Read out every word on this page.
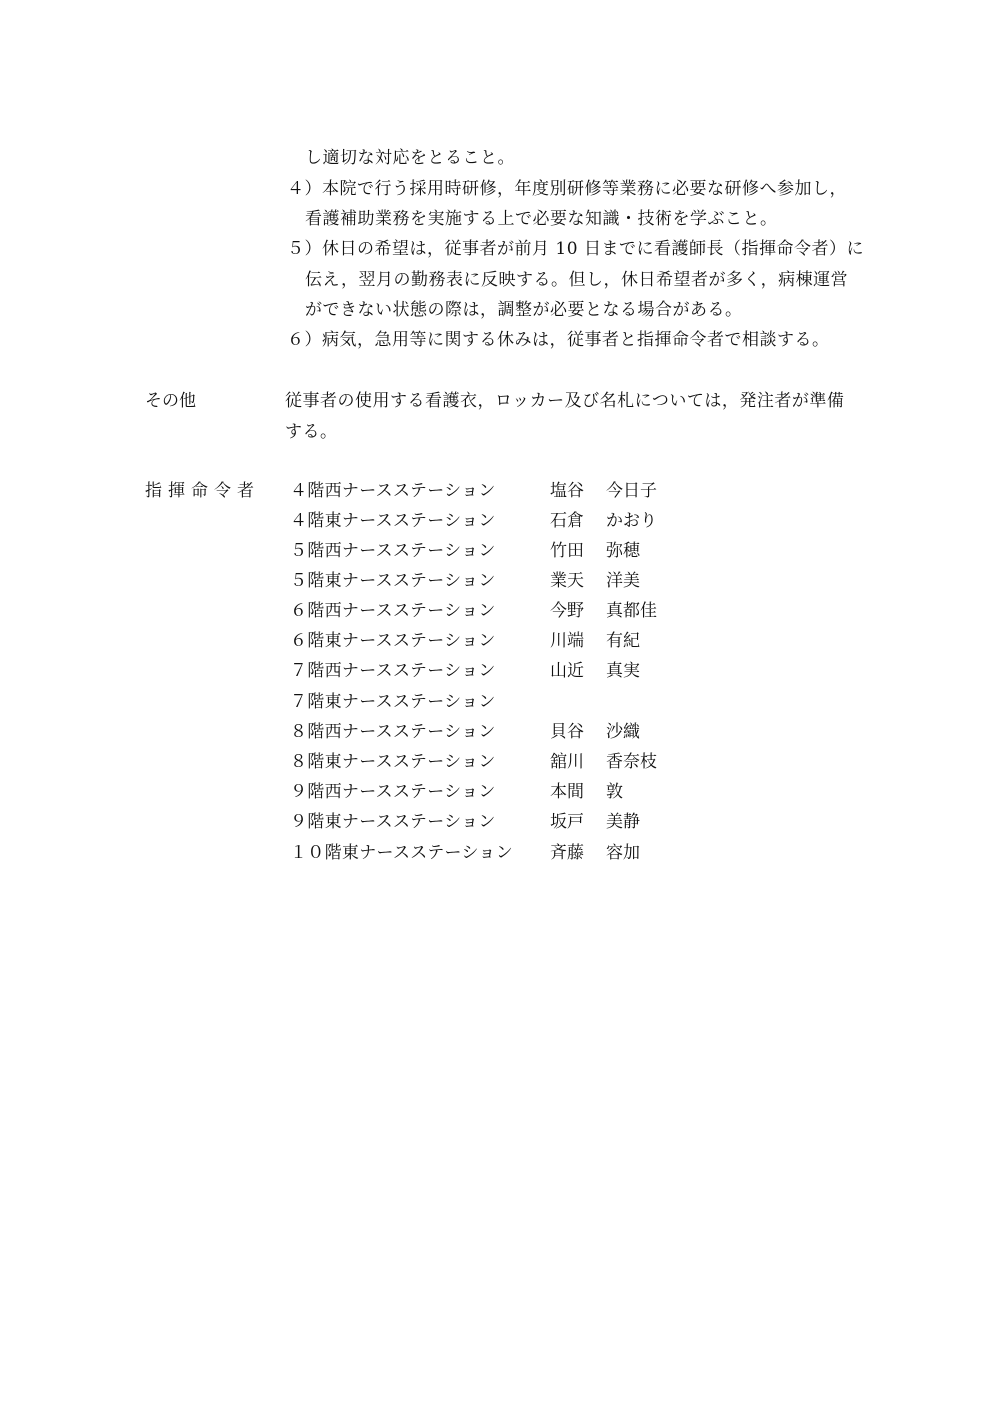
し適切な対応をとること。
４）本院で行う採用時研修，年度別研修等業務に必要な研修へ参加し，
看護補助業務を実施する上で必要な知識・技術を学ぶこと。
５）休日の希望は，従事者が前月 10 日までに看護師長（指揮命令者）に
伝え，翌月の勤務表に反映する。但し，休日希望者が多く，病棟運営
ができない状態の際は，調整が必要となる場合がある。
６）病気，急用等に関する休みは，従事者と指揮命令者で相談する。
その他	従事者の使用する看護衣，ロッカー及び名札については，発注者が準備
する。
指揮命令者 ４階西ナースステーション	塩谷 今日子
４階東ナースステーション	石倉 かおり
５階西ナースステーション	竹田 弥穂
５階東ナースステーション	業天 洋美
６階西ナースステーション	今野 真都佳
６階東ナースステーション	川端 有紀
７階西ナースステーション	山近 真実
７階東ナースステーション
８階西ナースステーション	貝谷 沙織
８階東ナースステーション	舘川 香奈枝
９階西ナースステーション	本間 敦
９階東ナースステーション	坂戸 美静
１０階東ナースステーション 斉藤 容加
